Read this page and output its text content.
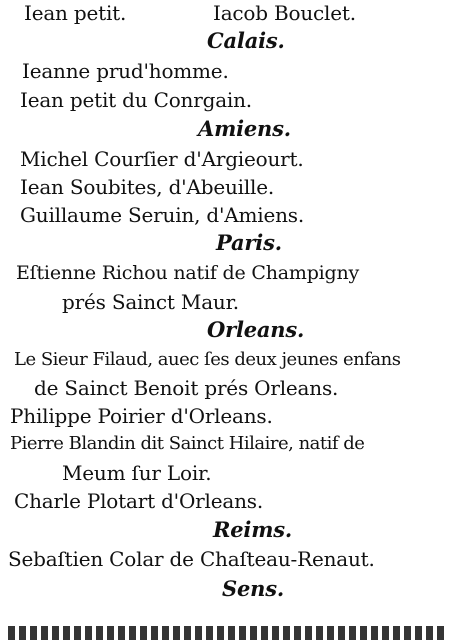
Iean petit.	Iacob Bouclet.
Calais.
Ieanne prud'homme.
Iean petit du Conrgain.
Amiens.
Michel Courſier d'Argieourt.
Iean Soubites, d'Abeuille.
Guillaume Seruin, d'Amiens.
Paris.
Eſtienne Richou natif de Champigny
prés Sainct Maur.
Orleans.
Le Sieur Filaud, auec ſes deux jeunes enfans
de Sainct Benoit prés Orleans.
Philippe Poirier d'Orleans.
Pierre Blandin dit Sainct Hilaire, natif de
Meum ſur Loir.
Charle Plotart d'Orleans.
Reims.
Sebaſtien Colar de Chaſteau-Renaut.
Sens.
